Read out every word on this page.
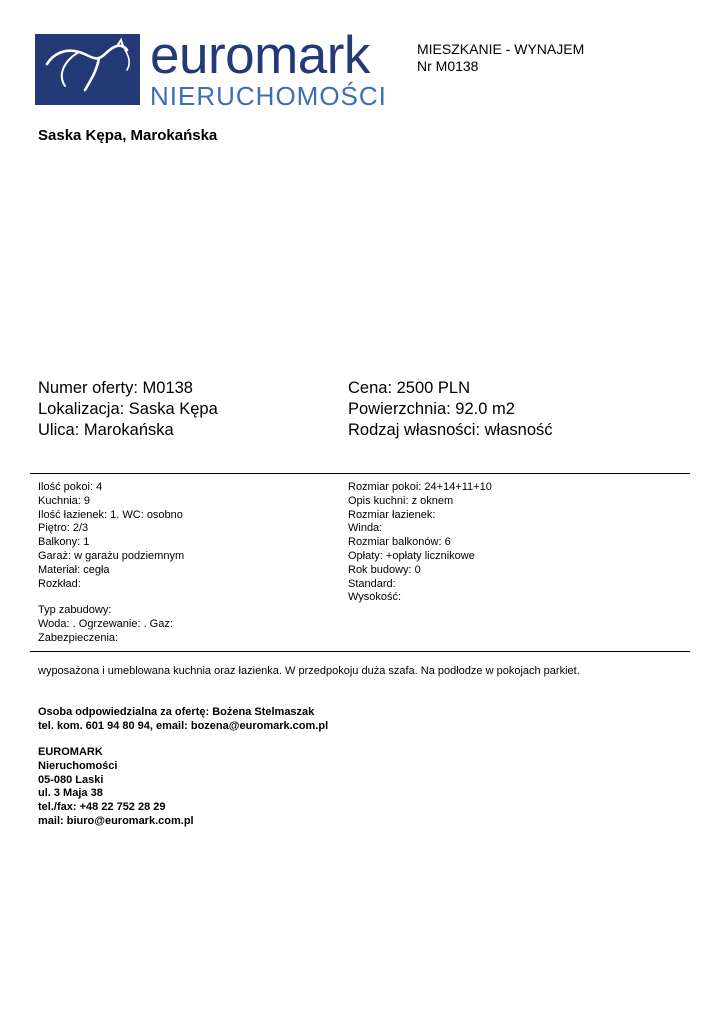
euromark
NIERUCHOMOŚCI
MIESZKANIE - WYNAJEM
Nr M0138
Saska Kępa, Marokańska
Numer oferty: M0138
Lokalizacja: Saska Kępa
Ulica: Marokańska
Cena: 2500 PLN
Powierzchnia: 92.0 m2
Rodzaj własności: własność
Ilość pokoi: 4
Kuchnia: 9
Ilość łazienek: 1. WC: osobno
Piętro: 2/3
Balkony: 1
Garaż: w garażu podziemnym
Materiał: cegła
Rozkład:
Typ zabudowy:
Woda: . Ogrzewanie: . Gaz:
Zabezpieczenia:
Rozmiar pokoi: 24+14+11+10
Opis kuchni: z oknem
Rozmiar łazienek:
Winda:
Rozmiar balkonów: 6
Opłaty: +opłaty licznikowe
Rok budowy: 0
Standard:
Wysokość:
wyposażona i umeblowana kuchnia oraz łazienka. W przedpokoju duża szafa. Na podłodze w pokojach parkiet.
Osoba odpowiedzialna za ofertę: Bożena Stelmaszak
tel. kom. 601 94 80 94, email: bozena@euromark.com.pl
EUROMARK
Nieruchomości
05-080 Laski
ul. 3 Maja 38
tel./fax: +48 22 752 28 29
mail: biuro@euromark.com.pl
